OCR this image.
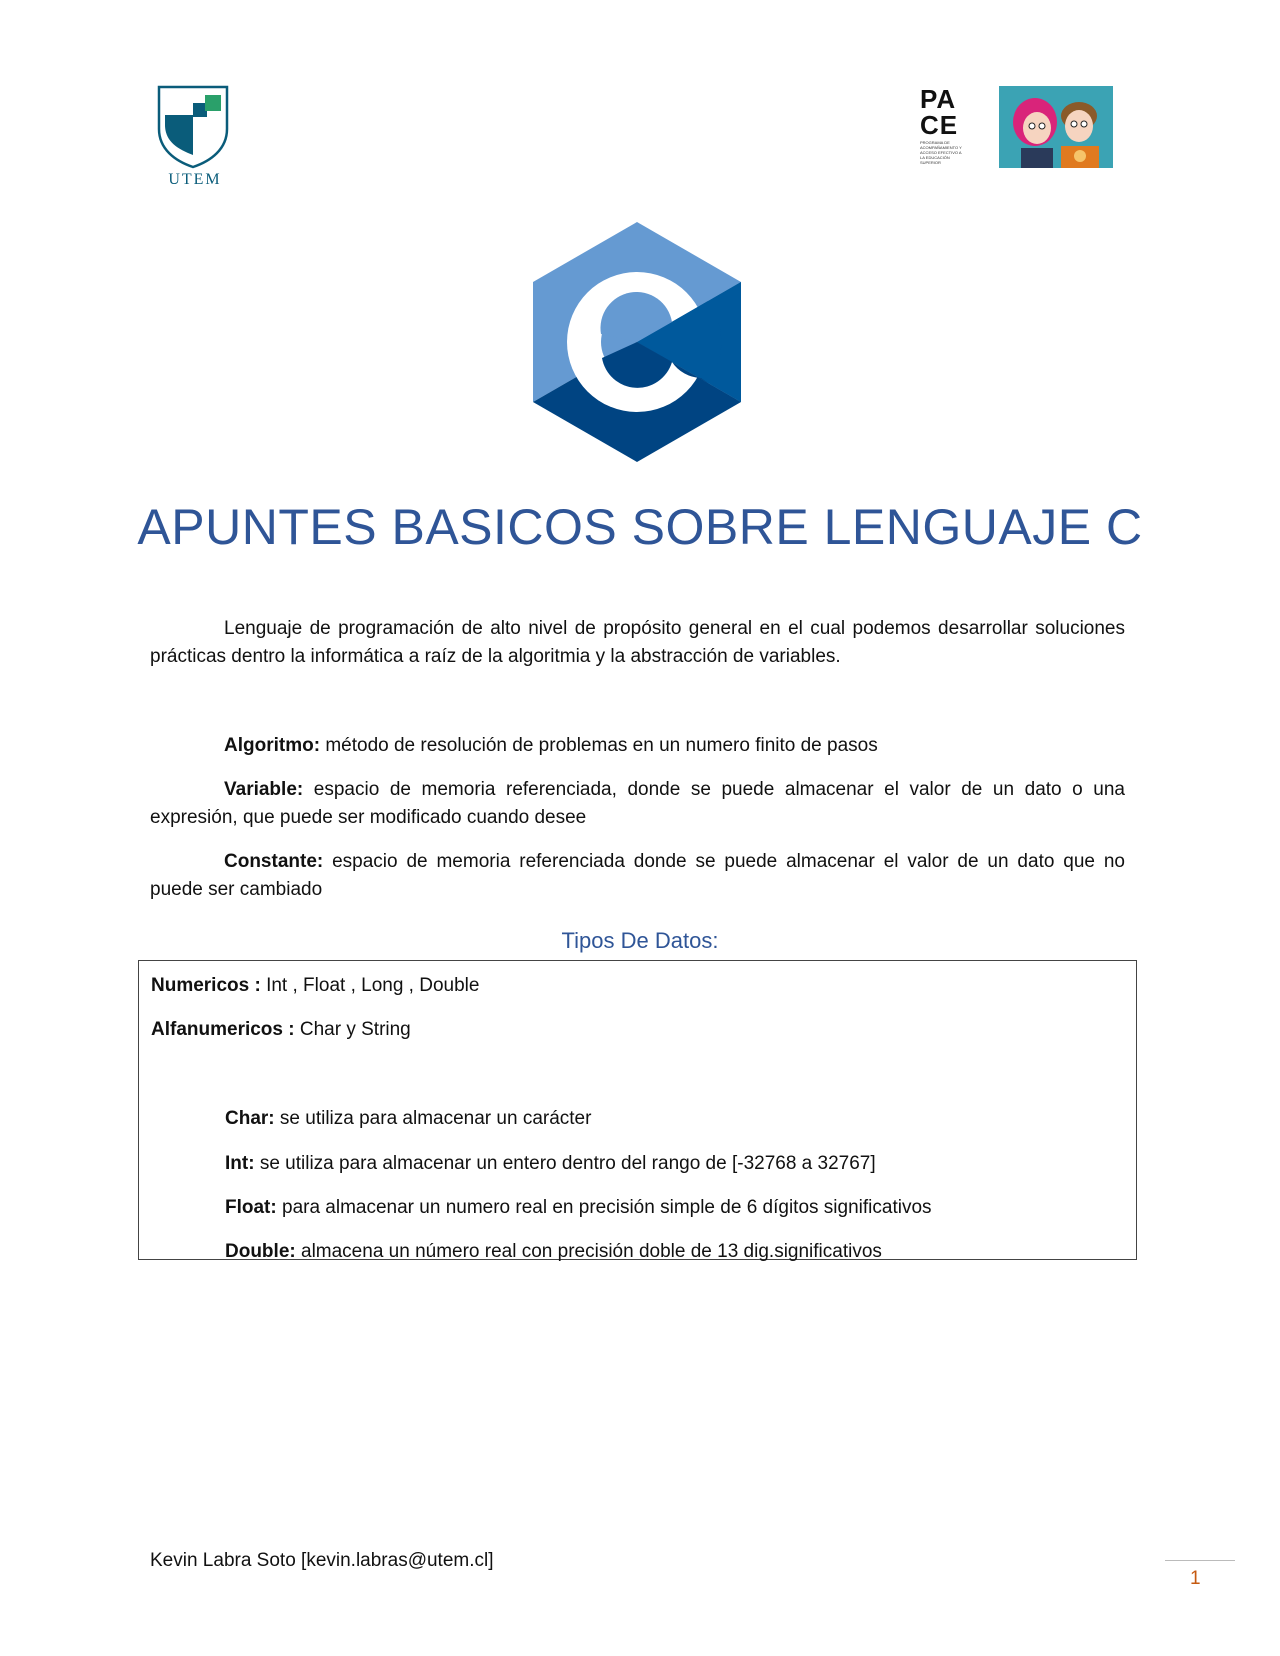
UTEM
PA
CE
PROGRAMA DE ACOMPAÑAMIENTO Y ACCESO EFECTIVO A LA EDUCACIÓN SUPERIOR
APUNTES BASICOS SOBRE LENGUAJE C
Lenguaje de programación de alto nivel de propósito general en el cual podemos desarrollar soluciones prácticas dentro la informática a raíz de la algoritmia y la abstracción de variables.
Algoritmo: método de resolución de problemas en un numero finito de pasos
Variable: espacio de memoria referenciada, donde se puede almacenar el valor de un dato o una expresión, que puede ser modificado cuando desee
Constante: espacio de memoria referenciada donde se puede almacenar el valor de un dato que no puede ser cambiado
Tipos De Datos:
Numericos : Int , Float , Long , Double
Alfanumericos : Char y String
Char: se utiliza para almacenar un carácter
Int: se utiliza para almacenar un entero dentro del rango de [-32768 a 32767]
Float: para almacenar un numero real en precisión simple de 6 dígitos significativos
Double: almacena un número real con precisión doble de 13 dig.significativos
Kevin Labra Soto [kevin.labras@utem.cl]
1
